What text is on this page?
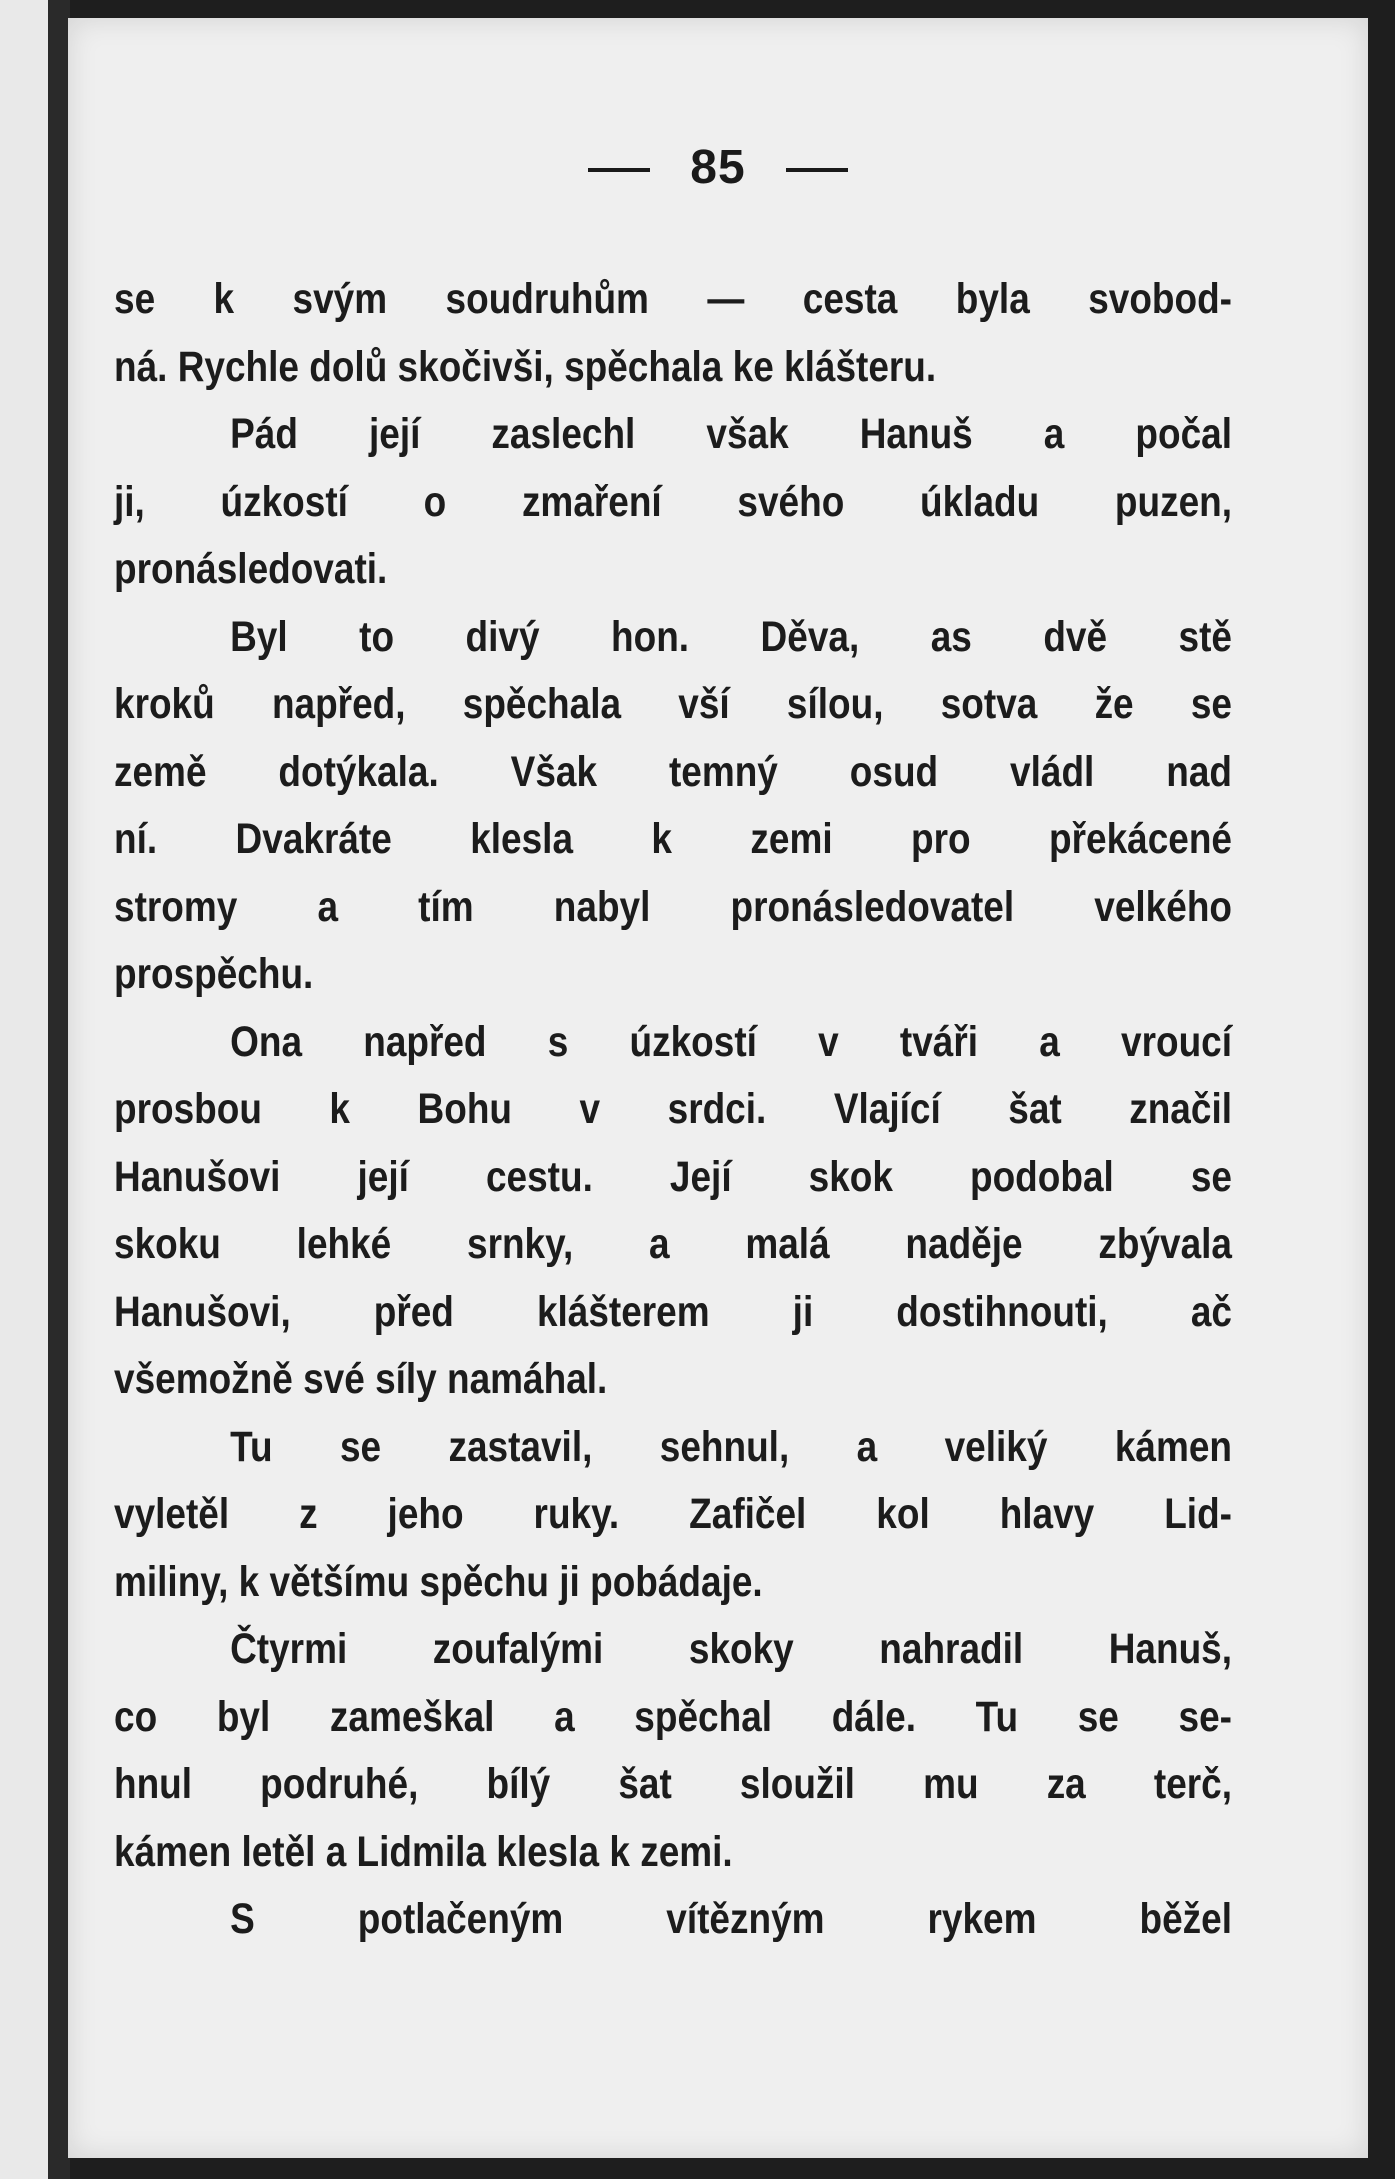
85
se k svým soudruhům — cesta byla svobod-
ná. Rychle dolů skočivši, spěchala ke klášteru.
Pád její zaslechl však Hanuš a počal
ji, úzkostí o zmaření svého úkladu puzen,
pronásledovati.
Byl to divý hon. Děva, as dvě stě
kroků napřed, spěchala vší sílou, sotva že se
země dotýkala. Však temný osud vládl nad
ní. Dvakráte klesla k zemi pro překácené
stromy a tím nabyl pronásledovatel velkého
prospěchu.
Ona napřed s úzkostí v tváři a vroucí
prosbou k Bohu v srdci. Vlající šat značil
Hanušovi její cestu. Její skok podobal se
skoku lehké srnky, a malá naděje zbývala
Hanušovi, před klášterem ji dostihnouti, ač
všemožně své síly namáhal.
Tu se zastavil, sehnul, a veliký kámen
vyletěl z jeho ruky. Zafičel kol hlavy Lid-
miliny, k většímu spěchu ji pobádaje.
Čtyrmi zoufalými skoky nahradil Hanuš,
co byl zameškal a spěchal dále. Tu se se-
hnul podruhé, bílý šat sloužil mu za terč,
kámen letěl a Lidmila klesla k zemi.
S potlačeným vítězným rykem běžel
